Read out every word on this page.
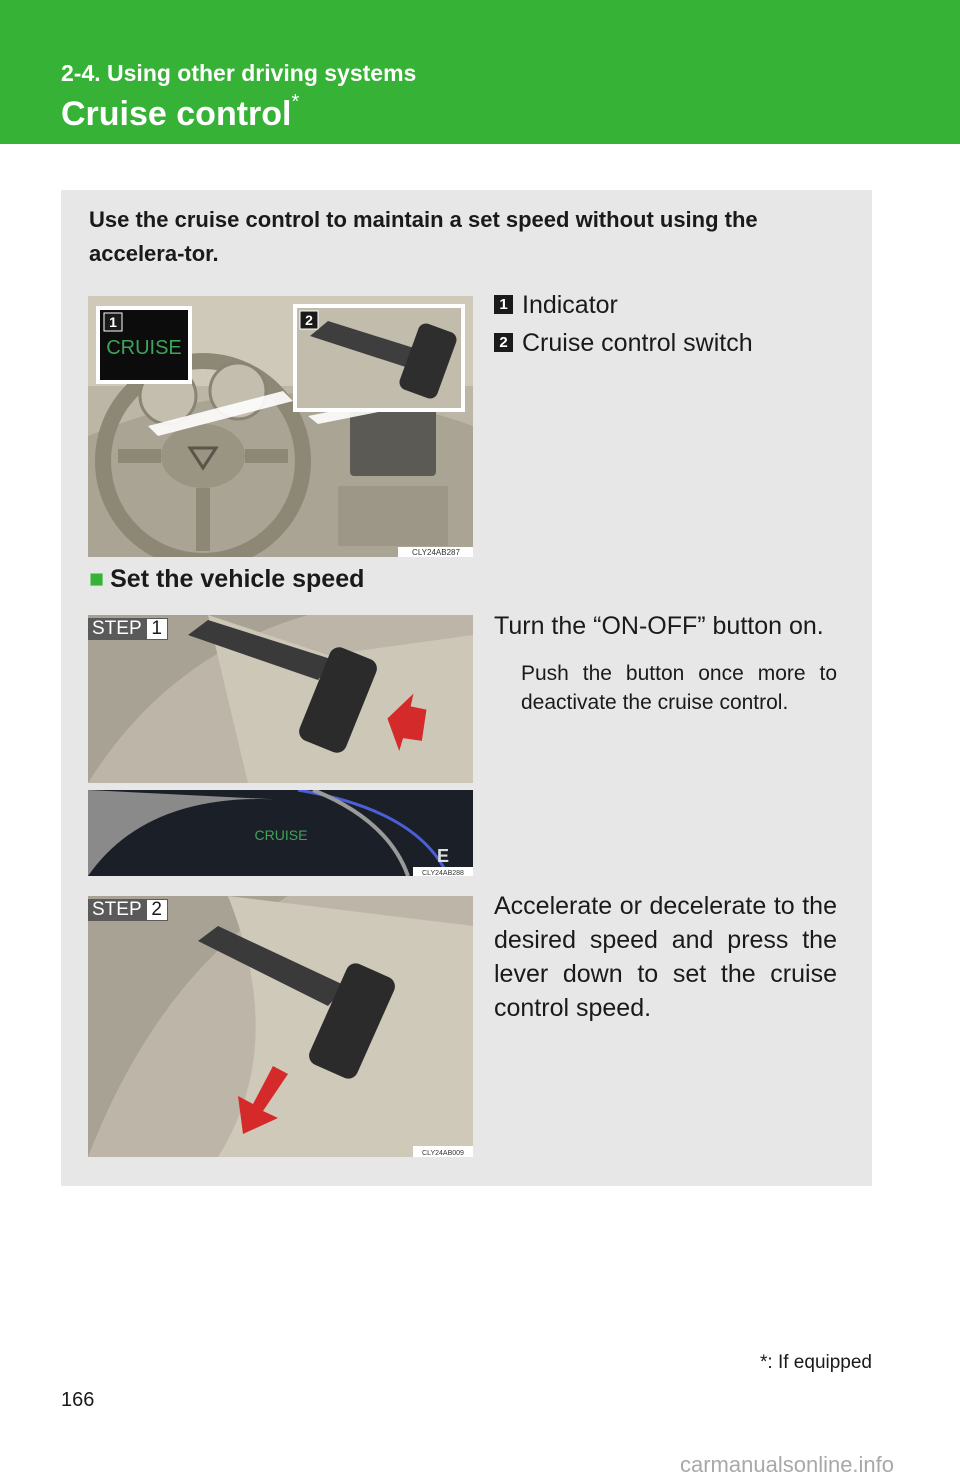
2-4. Using other driving systems
Cruise control*
Use the cruise control to maintain a set speed without using the accelera-tor.
CRUISE
1	2
CLY24AB287
1 Indicator
2 Cruise control switch
■ Set the vehicle speed
STEP 1
CRUISE
E
CLY24AB288
Turn the “ON-OFF” button on.
Push the button once more to deactivate the cruise control.
CLY24AB009
STEP 2	Accelerate or decelerate to the desired speed and press the lever down to set the cruise control speed.
*: If equipped
166
carmanualsonline.info
